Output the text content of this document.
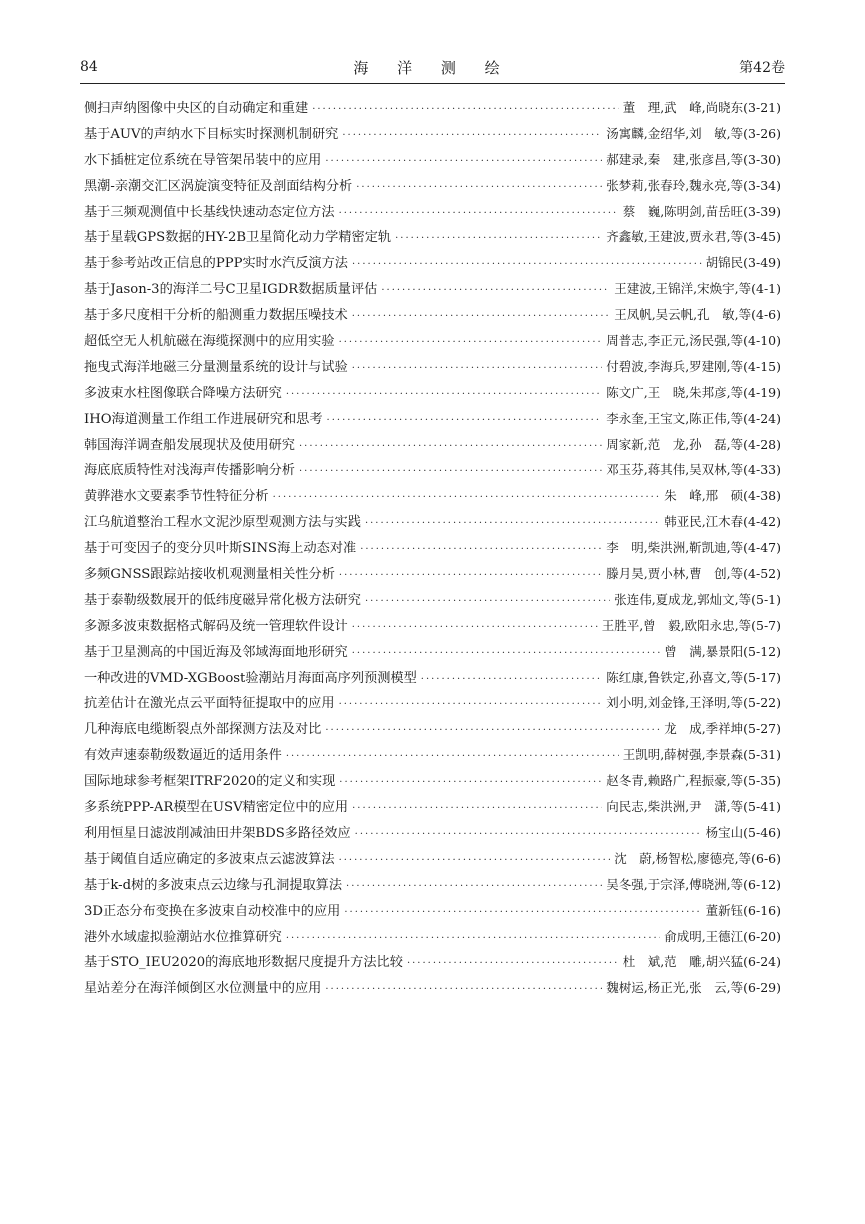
84	海 洋 测 绘	第42卷
侧扫声纳图像中央区的自动确定和重建 ·····	董　理,武　峰,尚晓东(3-21)
基于AUV的声纳水下目标实时探测机制研究 ·····	汤寓麟,金绍华,刘　敏,等(3-26)
水下插桩定位系统在导管架吊装中的应用 ·····	郝建录,秦　建,张彦昌,等(3-30)
黑潮-亲潮交汇区涡旋演变特征及剖面结构分析 ·····	张梦莉,张春玲,魏永亮,等(3-34)
基于三频观测值中长基线快速动态定位方法 ·····	蔡　巍,陈明剑,苗岳旺(3-39)
基于星载GPS数据的HY-2B卫星简化动力学精密定轨 ·····	齐鑫敏,王建波,贾永君,等(3-45)
基于参考站改正信息的PPP实时水汽反演方法 ·····	胡锦民(3-49)
基于Jason-3的海洋二号C卫星IGDR数据质量评估 ·····	王建波,王锦洋,宋焕宇,等(4-1)
基于多尺度相干分析的船测重力数据压噪技术 ·····	王凤帆,吴云帆,孔　敏,等(4-6)
超低空无人机航磁在海缆探测中的应用实验 ·····	周普志,李正元,汤民强,等(4-10)
拖曳式海洋地磁三分量测量系统的设计与试验 ·····	付碧波,李海兵,罗建刚,等(4-15)
多波束水柱图像联合降噪方法研究 ·····	陈文广,王　晓,朱邦彦,等(4-19)
IHO海道测量工作组工作进展研究和思考 ·····	李永奎,王宝文,陈正伟,等(4-24)
韩国海洋调查船发展现状及使用研究 ·····	周家新,范　龙,孙　磊,等(4-28)
海底底质特性对浅海声传播影响分析 ·····	邓玉芬,蒋其伟,吴双林,等(4-33)
黄骅港水文要素季节性特征分析 ·····	朱　峰,邢　硕(4-38)
江乌航道整治工程水文泥沙原型观测方法与实践 ·····	韩亚民,江木春(4-42)
基于可变因子的变分贝叶斯SINS海上动态对准 ·····	李　明,柴洪洲,靳凯迪,等(4-47)
多频GNSS跟踪站接收机观测量相关性分析 ·····	滕月昊,贾小林,曹　创,等(4-52)
基于泰勒级数展开的低纬度磁异常化极方法研究 ·····	张连伟,夏成龙,郭灿文,等(5-1)
多源多波束数据格式解码及统一管理软件设计 ·····	王胜平,曾　毅,欧阳永忠,等(5-7)
基于卫星测高的中国近海及邻域海面地形研究 ·····	曾　满,暴景阳(5-12)
一种改进的VMD-XGBoost验潮站月海面高序列预测模型 ·····	陈红康,鲁铁定,孙喜文,等(5-17)
抗差估计在激光点云平面特征提取中的应用 ·····	刘小明,刘金锋,王泽明,等(5-22)
几种海底电缆断裂点外部探测方法及对比 ·····	龙　成,季祥坤(5-27)
有效声速泰勒级数逼近的适用条件 ·····	王凯明,薛树强,李景森(5-31)
国际地球参考框架ITRF2020的定义和实现 ·····	赵冬青,赖路广,程振豪,等(5-35)
多系统PPP-AR模型在USV精密定位中的应用 ·····	向民志,柴洪洲,尹　潇,等(5-41)
利用恒星日滤波削减油田井架BDS多路径效应 ·····	杨宝山(5-46)
基于阈值自适应确定的多波束点云滤波算法 ·····	沈　蔚,杨智松,廖德亮,等(6-6)
基于k-d树的多波束点云边缘与孔洞提取算法 ·····	吴冬强,于宗泽,傅晓洲,等(6-12)
3D正态分布变换在多波束自动校准中的应用 ·····	董新钰(6-16)
港外水域虚拟验潮站水位推算研究 ·····	俞成明,王德江(6-20)
基于STO_IEU2020的海底地形数据尺度提升方法比较 ·····	杜　斌,范　雕,胡兴猛(6-24)
星站差分在海洋倾倒区水位测量中的应用 ·····	魏树运,杨正光,张　云,等(6-29)
